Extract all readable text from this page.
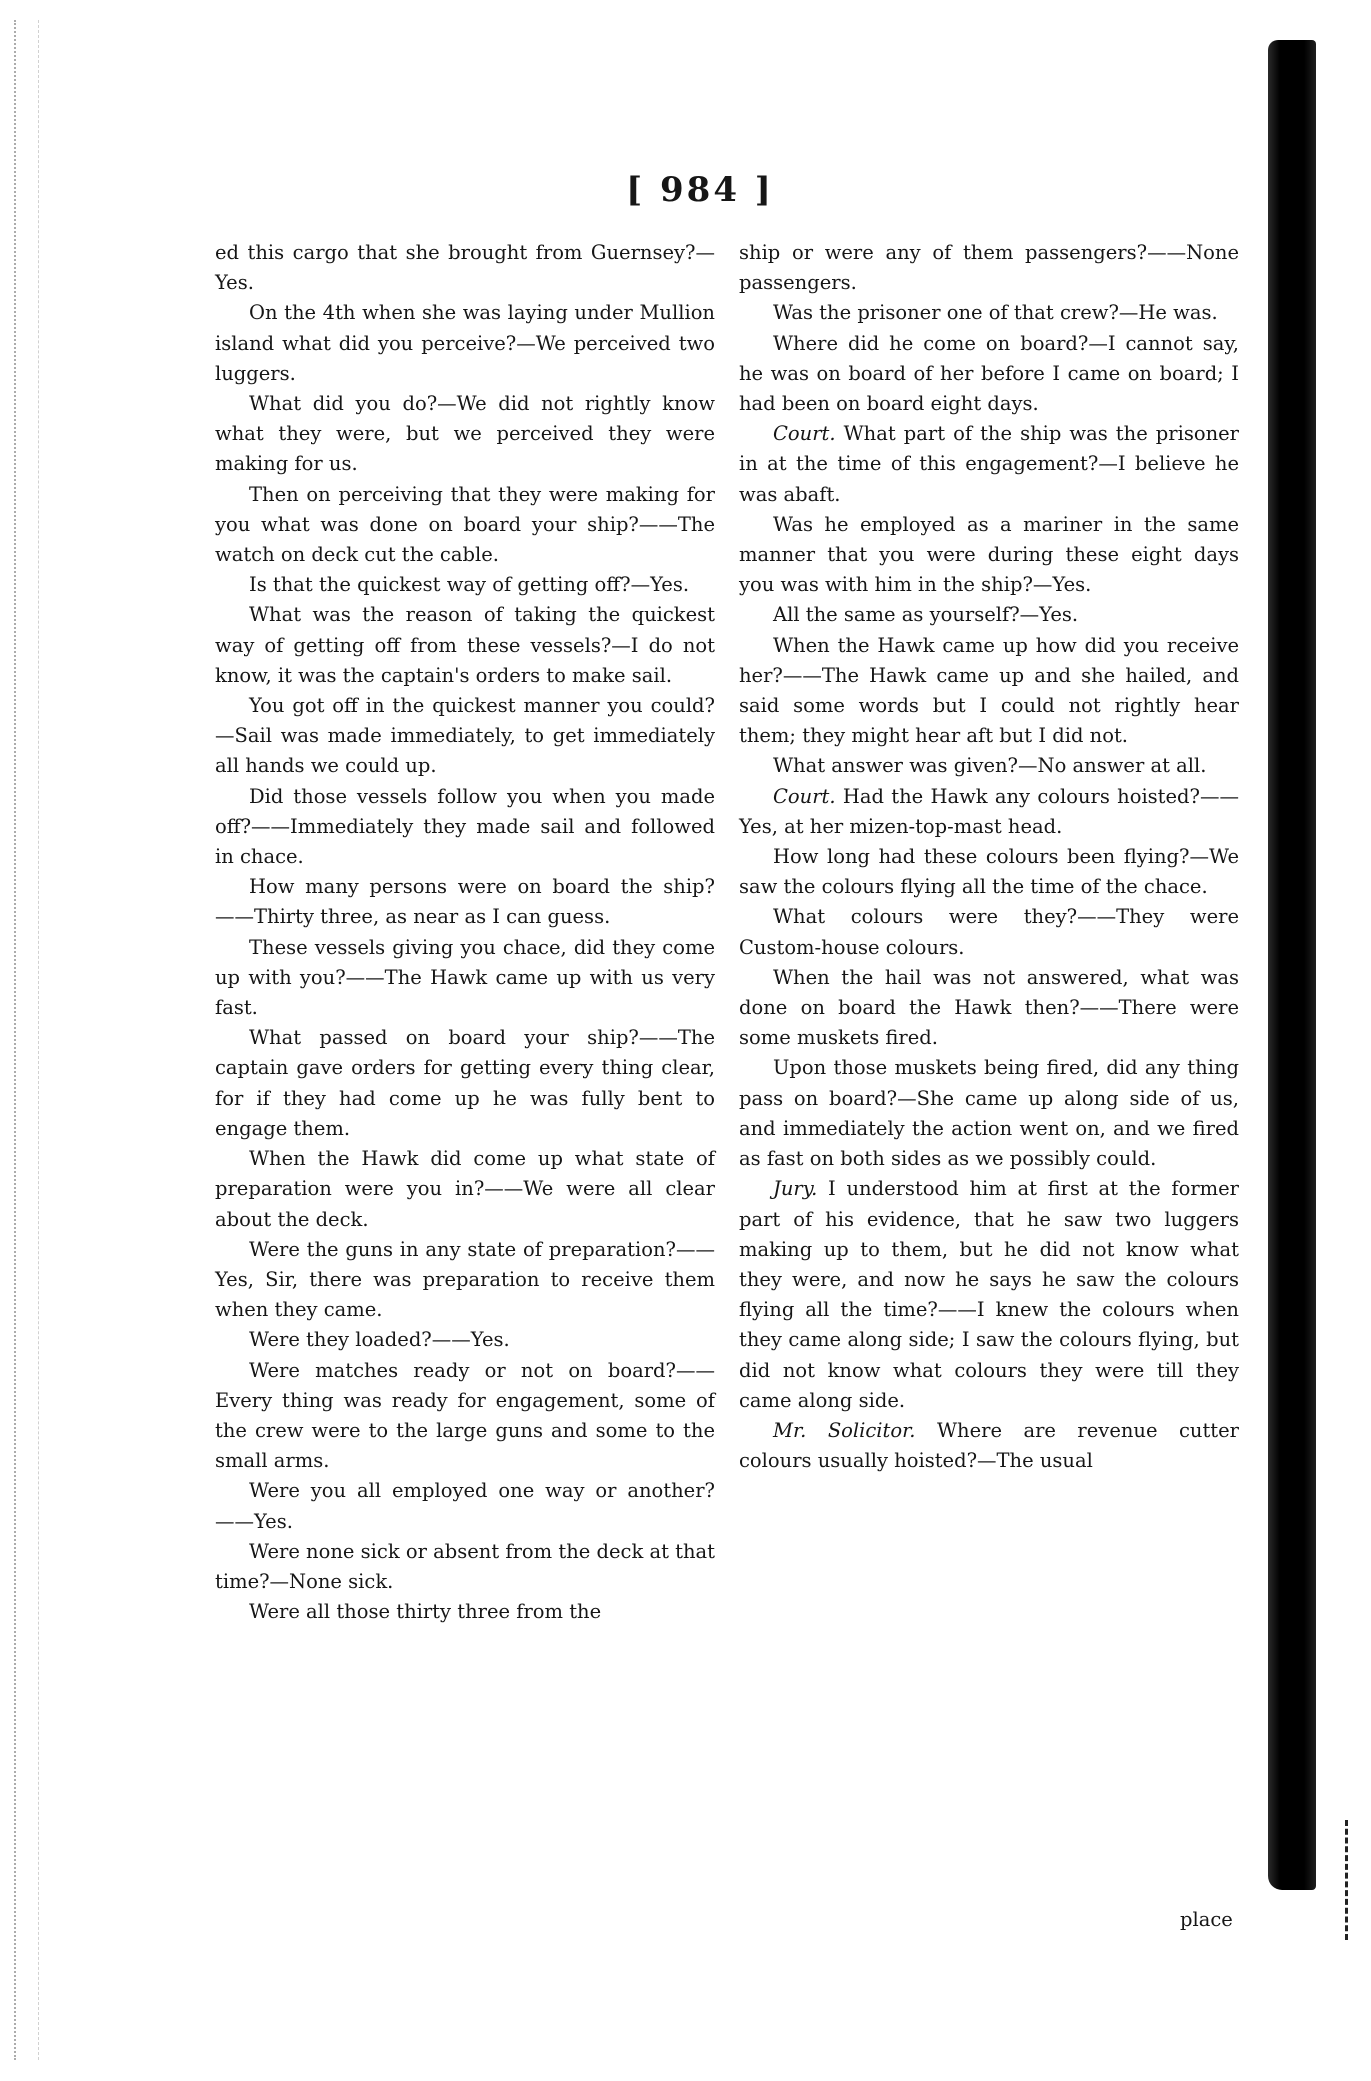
[ 984 ]

ed this cargo that she brought from Guernsey?—Yes.

On the 4th when she was laying under Mullion island what did you perceive?—We perceived two luggers.

What did you do?—We did not rightly know what they were, but we perceived they were making for us.

Then on perceiving that they were making for you what was done on board your ship?——The watch on deck cut the cable.

Is that the quickest way of getting off?—Yes.

What was the reason of taking the quickest way of getting off from these vessels?—I do not know, it was the captain's orders to make sail.

You got off in the quickest manner you could?—Sail was made immediately, to get immediately all hands we could up.

Did those vessels follow you when you made off?——Immediately they made sail and followed in chace.

How many persons were on board the ship?——Thirty three, as near as I can guess.

These vessels giving you chace, did they come up with you?——The Hawk came up with us very fast.

What passed on board your ship?——The captain gave orders for getting every thing clear, for if they had come up he was fully bent to engage them.

When the Hawk did come up what state of preparation were you in?——We were all clear about the deck.

Were the guns in any state of preparation?——Yes, Sir, there was preparation to receive them when they came.

Were they loaded?——Yes.

Were matches ready or not on board?——Every thing was ready for engagement, some of the crew were to the large guns and some to the small arms.

Were you all employed one way or another?——Yes.

Were none sick or absent from the deck at that time?—None sick.

Were all those thirty three from the

ship or were any of them passengers?——None passengers.

Was the prisoner one of that crew?—He was.

Where did he come on board?—I cannot say, he was on board of her before I came on board; I had been on board eight days.

Court. What part of the ship was the prisoner in at the time of this engagement?—I believe he was abaft.

Was he employed as a mariner in the same manner that you were during these eight days you was with him in the ship?—Yes.

All the same as yourself?—Yes.

When the Hawk came up how did you receive her?——The Hawk came up and she hailed, and said some words but I could not rightly hear them; they might hear aft but I did not.

What answer was given?—No answer at all.

Court. Had the Hawk any colours hoisted?——Yes, at her mizen-top-mast head.

How long had these colours been flying?—We saw the colours flying all the time of the chace.

What colours were they?——They were Custom-house colours.

When the hail was not answered, what was done on board the Hawk then?——There were some muskets fired.

Upon those muskets being fired, did any thing pass on board?—She came up along side of us, and immediately the action went on, and we fired as fast on both sides as we possibly could.

Jury. I understood him at first at the former part of his evidence, that he saw two luggers making up to them, but he did not know what they were, and now he says he saw the colours flying all the time?——I knew the colours when they came along side; I saw the colours flying, but did not know what colours they were till they came along side.

Mr. Solicitor. Where are revenue cutter colours usually hoisted?—The usual

place
